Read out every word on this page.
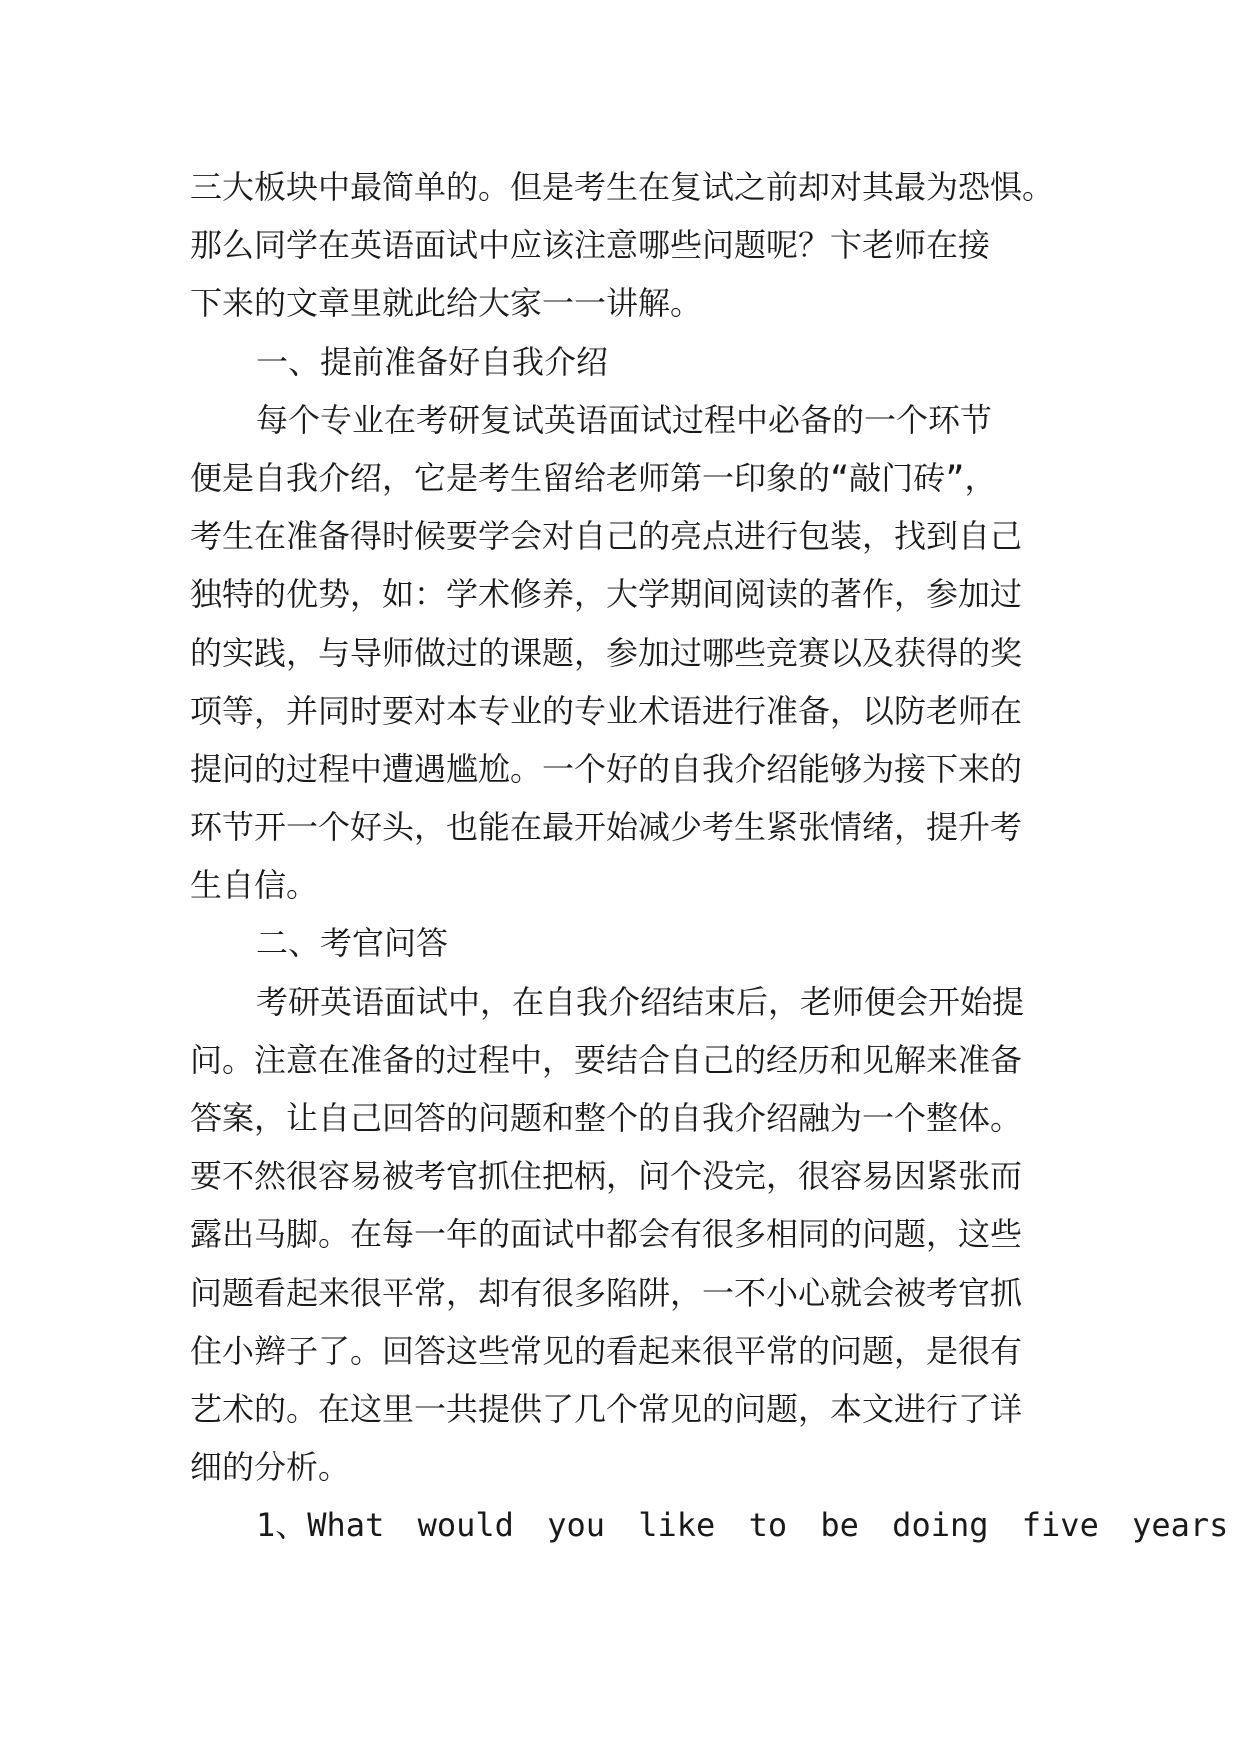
三大板块中最简单的。但是考生在复试之前却对其最为恐惧。
那么同学在英语面试中应该注意哪些问题呢？卞老师在接
下来的文章里就此给大家一一讲解。
一、提前准备好自我介绍
每个专业在考研复试英语面试过程中必备的一个环节
便是自我介绍，它是考生留给老师第一印象的“敲门砖”，
考生在准备得时候要学会对自己的亮点进行包装，找到自己
独特的优势，如：学术修养，大学期间阅读的著作，参加过
的实践，与导师做过的课题，参加过哪些竞赛以及获得的奖
项等，并同时要对本专业的专业术语进行准备，以防老师在
提问的过程中遭遇尴尬。一个好的自我介绍能够为接下来的
环节开一个好头，也能在最开始减少考生紧张情绪，提升考
生自信。
二、考官问答
考研英语面试中，在自我介绍结束后，老师便会开始提
问。注意在准备的过程中，要结合自己的经历和见解来准备
答案，让自己回答的问题和整个的自我介绍融为一个整体。
要不然很容易被考官抓住把柄，问个没完，很容易因紧张而
露出马脚。在每一年的面试中都会有很多相同的问题，这些
问题看起来很平常，却有很多陷阱，一不小心就会被考官抓
住小辫子了。回答这些常见的看起来很平常的问题，是很有
艺术的。在这里一共提供了几个常见的问题，本文进行了详
细的分析。
1、What would you like to be doing five years
